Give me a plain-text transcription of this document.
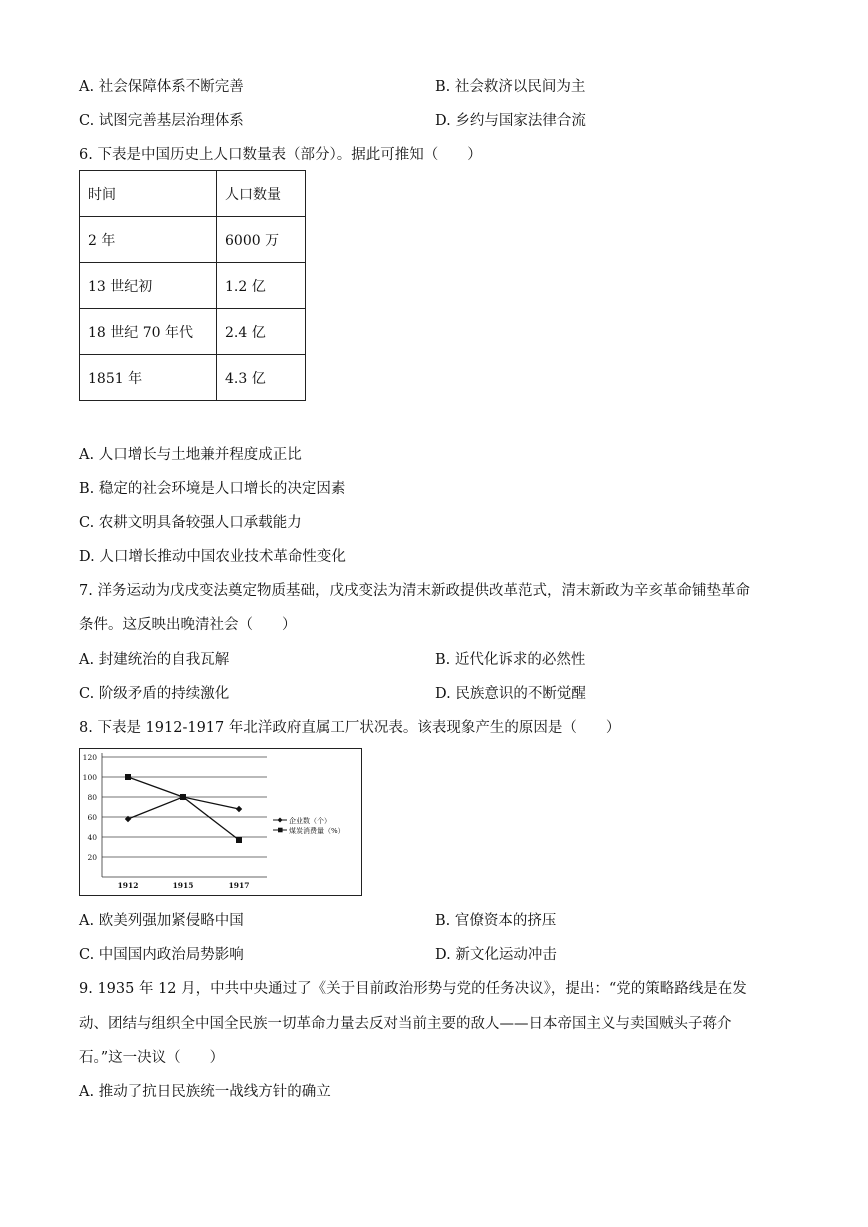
A. 社会保障体系不断完善	B. 社会救济以民间为主
C. 试图完善基层治理体系	D. 乡约与国家法律合流
6. 下表是中国历史上人口数量表（部分）。据此可推知（　　）
时间	人口数量
2 年	6000 万
13 世纪初	1.2 亿
18 世纪 70 年代	2.4 亿
1851 年	4.3 亿
A. 人口增长与土地兼并程度成正比
B. 稳定的社会环境是人口增长的决定因素
C. 农耕文明具备较强人口承载能力
D. 人口增长推动中国农业技术革命性变化
7. 洋务运动为戊戌变法奠定物质基础，戊戌变法为清末新政提供改革范式，清末新政为辛亥革命铺垫革命
条件。这反映出晚清社会（　　）
A. 封建统治的自我瓦解	B. 近代化诉求的必然性
C. 阶级矛盾的持续激化	D. 民族意识的不断觉醒
8. 下表是 1912-1917 年北洋政府直属工厂状况表。该表现象产生的原因是（　　）
120
100
80
60
40
20
1912	1915	1917
企业数（个）
煤炭消费量（%）
A. 欧美列强加紧侵略中国	B. 官僚资本的挤压
C. 中国国内政治局势影响	D. 新文化运动冲击
9. 1935 年 12 月，中共中央通过了《关于目前政治形势与党的任务决议》，提出：“党的策略路线是在发
动、团结与组织全中国全民族一切革命力量去反对当前主要的敌人——日本帝国主义与卖国贼头子蒋介
石。”这一决议（　　）
A. 推动了抗日民族统一战线方针的确立
